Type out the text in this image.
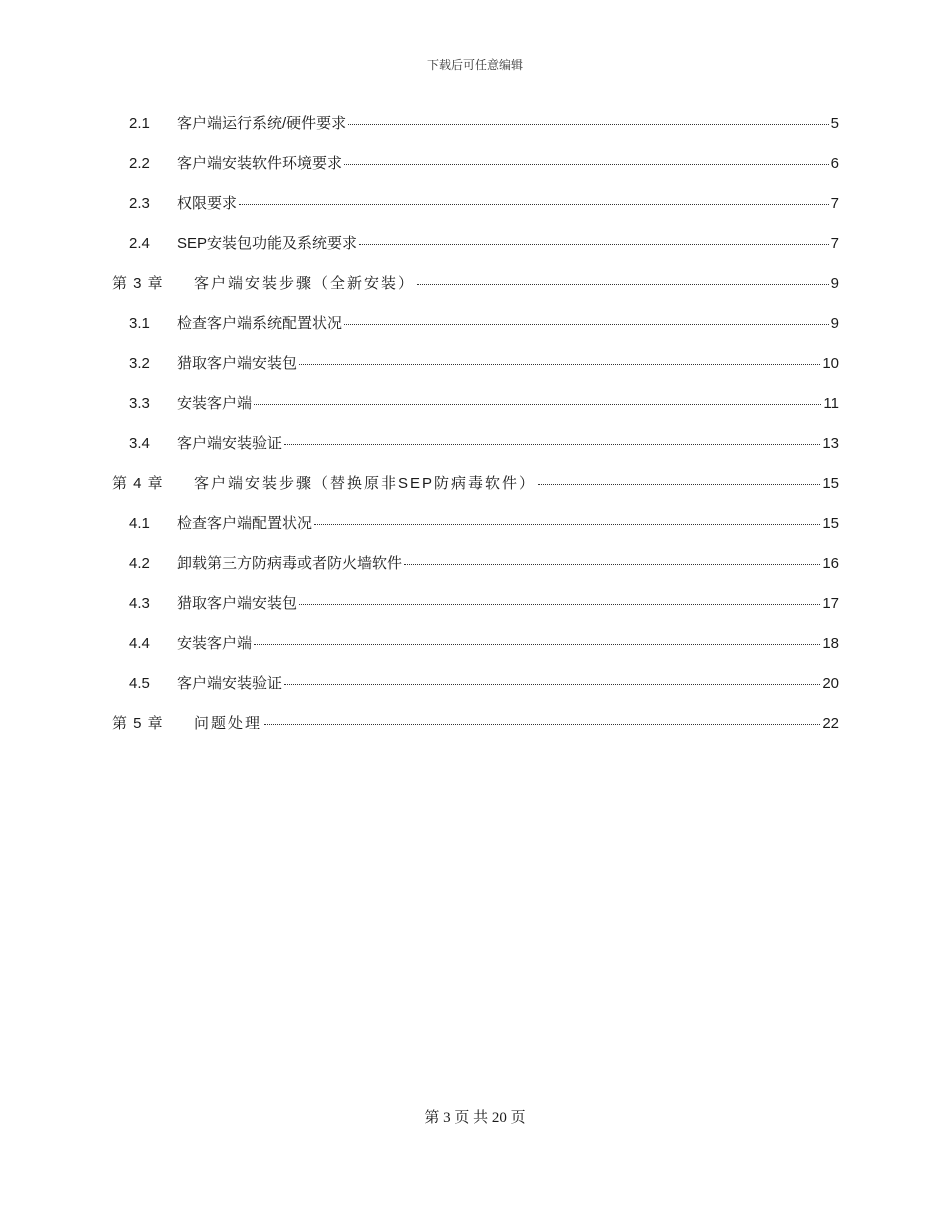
下载后可任意编辑
2.1	客户端运行系统/硬件要求	5
2.2	客户端安装软件环境要求	6
2.3	权限要求	7
2.4	SEP安装包功能及系统要求	7
第 3 章	客户端安装步骤（全新安装）	9
3.1	检查客户端系统配置状况	9
3.2	猎取客户端安装包	10
3.3	安装客户端	11
3.4	客户端安装验证	13
第 4 章	客户端安装步骤（替换原非SEP防病毒软件）	15
4.1	检查客户端配置状况	15
4.2	卸载第三方防病毒或者防火墙软件	16
4.3	猎取客户端安装包	17
4.4	安装客户端	18
4.5	客户端安装验证	20
第 5 章	问题处理	22
第 3 页 共 20 页
